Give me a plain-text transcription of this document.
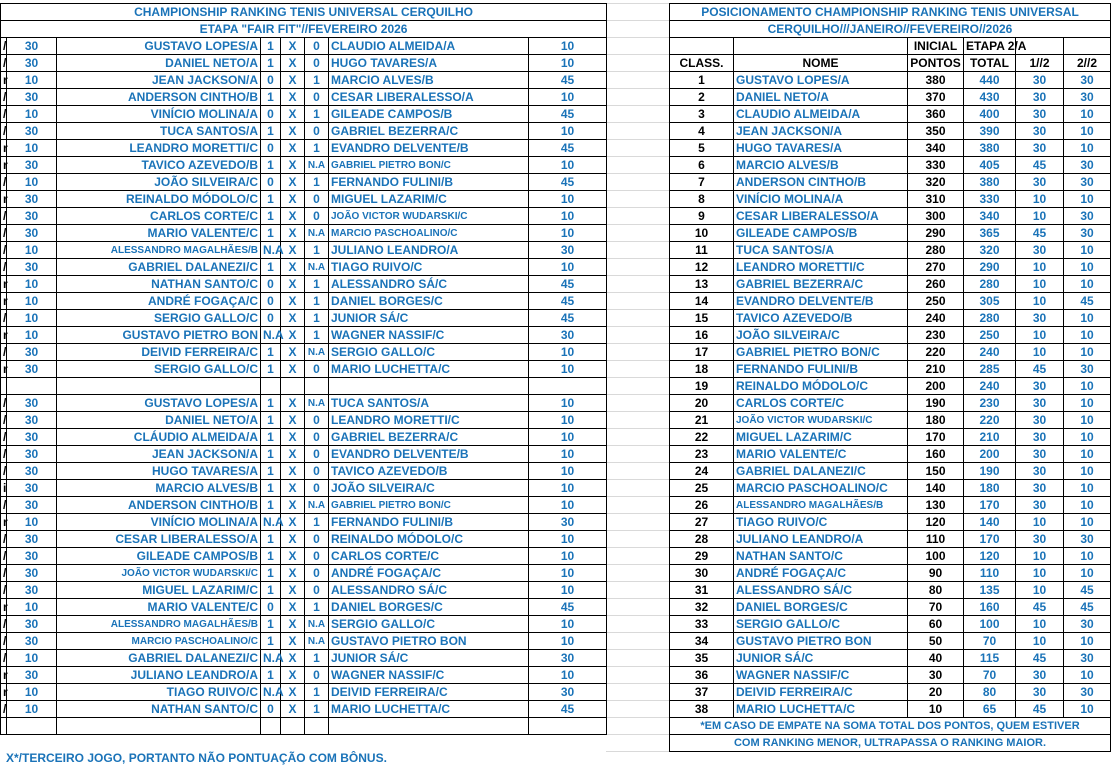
CHAMPIONSHIP RANKING TENIS UNIVERSAL CERQUILHO							
ETAPA "FAIR FIT"//FEVEREIRO 2026							
/	30		GUSTAVO LOPES/A	1	X	0	CLAUDIO ALMEIDA/A	10
/	30		DANIEL NETO/A	1	X	0	HUGO TAVARES/A	10
r	10		JEAN JACKSON/A	0	X	1	MARCIO ALVES/B	45
/	30		ANDERSON CINTHO/B	1	X	0	CESAR LIBERALESSO/A	10
/	10		VINÍCIO MOLINA/A	0	X	1	GILEADE CAMPOS/B	45
/	30		TUCA SANTOS/A	1	X	0	GABRIEL BEZERRA/C	10
r	10		LEANDRO MORETTI/C	0	X	1	EVANDRO DELVENTE/B	45
r	30		TAVICO AZEVEDO/B	1	X	N.A	GABRIEL PIETRO BON/C	10
/	10		JOÃO SILVEIRA/C	0	X	1	FERNANDO FULINI/B	45
r	30		REINALDO MÓDOLO/C	1	X	0	MIGUEL LAZARIM/C	10
/	30		CARLOS CORTE/C	1	X	0	JOÃO VICTOR WUDARSKI/C	10
/	30		MARIO VALENTE/C	1	X	N.A	MARCIO PASCHOALINO/C	10
/	10		ALESSANDRO MAGALHÃES/B	N.A	X	1	JULIANO LEANDRO/A	30
/	30		GABRIEL DALANEZI/C	1	X	N.A	TIAGO RUIVO/C	10
r	10		NATHAN SANTO/C	0	X	1	ALESSANDRO SÁ/C	45
r	10		ANDRÉ FOGAÇA/C	0	X	1	DANIEL BORGES/C	45
/	10		SERGIO GALLO/C	0	X	1	JUNIOR SÁ/C	45
r	10		GUSTAVO PIETRO BON	N.A	X	1	WAGNER NASSIF/C	30
/	30		DEIVID FERREIRA/C	1	X	N.A	SERGIO GALLO/C	10
r	30		SERGIO GALLO/C	1	X	0	MARIO LUCHETTA/C	10

/	30		GUSTAVO LOPES/A	1	X	N.A	TUCA SANTOS/A	10
/	30		DANIEL NETO/A	1	X	0	LEANDRO MORETTI/C	10
/	30		CLÁUDIO ALMEIDA/A	1	X	0	GABRIEL BEZERRA/C	10
/	30		JEAN JACKSON/A	1	X	0	EVANDRO DELVENTE/B	10
/	30		HUGO TAVARES/A	1	X	0	TAVICO AZEVEDO/B	10
i	30		MARCIO ALVES/B	1	X	0	JOÃO SILVEIRA/C	10
/	30		ANDERSON CINTHO/B	1	X	N.A	GABRIEL PIETRO BON/C	10
r	10		VINÍCIO MOLINA/A	N.A	X	1	FERNANDO FULINI/B	30
/	30		CESAR LIBERALESSO/A	1	X	0	REINALDO MÓDOLO/C	10
/	30		GILEADE CAMPOS/B	1	X	0	CARLOS CORTE/C	10
/	30		JOÃO VICTOR WUDARSKI/C	1	X	0	ANDRÉ FOGAÇA/C	10
/	30		MIGUEL LAZARIM/C	1	X	0	ALESSANDRO SÁ/C	10
r	10		MARIO VALENTE/C	0	X	1	DANIEL BORGES/C	45
/	30		ALESSANDRO MAGALHÃES/B	1	X	N.A	SERGIO GALLO/C	10
/	30		MARCIO PASCHOALINO/C	1	X	N.A	GUSTAVO PIETRO BON	10
/	10		GABRIEL DALANEZI/C	N.A	X	1	JUNIOR SÁ/C	30
r	30		JULIANO LEANDRO/A	1	X	0	WAGNER NASSIF/C	10
r	10		TIAGO RUIVO/C	N.A	X	1	DEIVID FERREIRA/C	30
/	10		NATHAN SANTO/C	0	X	1	MARIO LUCHETTA/C	45

POSICIONAMENTO CHAMPIONSHIP RANKING TENIS UNIVERSAL					
CERQUILHO///JANEIRO//FEVEREIRO//2026					
		INICIAL	ETAPA 2/A		
CLASS.	NOME	PONTOS	TOTAL	1//2	2//2
1	GUSTAVO LOPES/A	380	440	30	30
2	DANIEL NETO/A	370	430	30	30
3	CLAUDIO ALMEIDA/A	360	400	30	10
4	JEAN JACKSON/A	350	390	30	10
5	HUGO TAVARES/A	340	380	30	10
6	MARCIO ALVES/B	330	405	45	30
7	ANDERSON CINTHO/B	320	380	30	30
8	VINÍCIO MOLINA/A	310	330	10	10
9	CESAR LIBERALESSO/A	300	340	10	30
10	GILEADE CAMPOS/B	290	365	45	30
11	TUCA SANTOS/A	280	320	30	10
12	LEANDRO MORETTI/C	270	290	10	10
13	GABRIEL BEZERRA/C	260	280	10	10
14	EVANDRO DELVENTE/B	250	305	10	45
15	TAVICO AZEVEDO/B	240	280	30	10
16	JOÃO SILVEIRA/C	230	250	10	10
17	GABRIEL PIETRO BON/C	220	240	10	10
18	FERNANDO FULINI/B	210	285	45	30
19	REINALDO MÓDOLO/C	200	240	30	10
20	CARLOS CORTE/C	190	230	30	10
21	JOÃO VICTOR WUDARSKI/C	180	220	30	10
22	MIGUEL LAZARIM/C	170	210	30	10
23	MARIO VALENTE/C	160	200	30	10
24	GABRIEL DALANEZI/C	150	190	30	10
25	MARCIO PASCHOALINO/C	140	180	30	10
26	ALESSANDRO MAGALHÃES/B	130	170	30	10
27	TIAGO RUIVO/C	120	140	10	10
28	JULIANO LEANDRO/A	110	170	30	30
29	NATHAN SANTO/C	100	120	10	10
30	ANDRÉ FOGAÇA/C	90	110	10	10
31	ALESSANDRO SÁ/C	80	135	10	45
32	DANIEL BORGES/C	70	160	45	45
33	SERGIO GALLO/C	60	100	10	30
34	GUSTAVO PIETRO BON	50	70	10	10
35	JUNIOR SÁ/C	40	115	45	30
36	WAGNER NASSIF/C	30	70	30	10
37	DEIVID FERREIRA/C	20	80	30	30
38	MARIO LUCHETTA/C	10	65	45	10
*EM CASO DE EMPATE NA SOMA TOTAL DOS PONTOS, QUEM ESTIVER					
COM RANKING MENOR, ULTRAPASSA O RANKING MAIOR.					
X*/TERCEIRO JOGO, PORTANTO NÃO PONTUAÇÃO COM BÔNUS.
